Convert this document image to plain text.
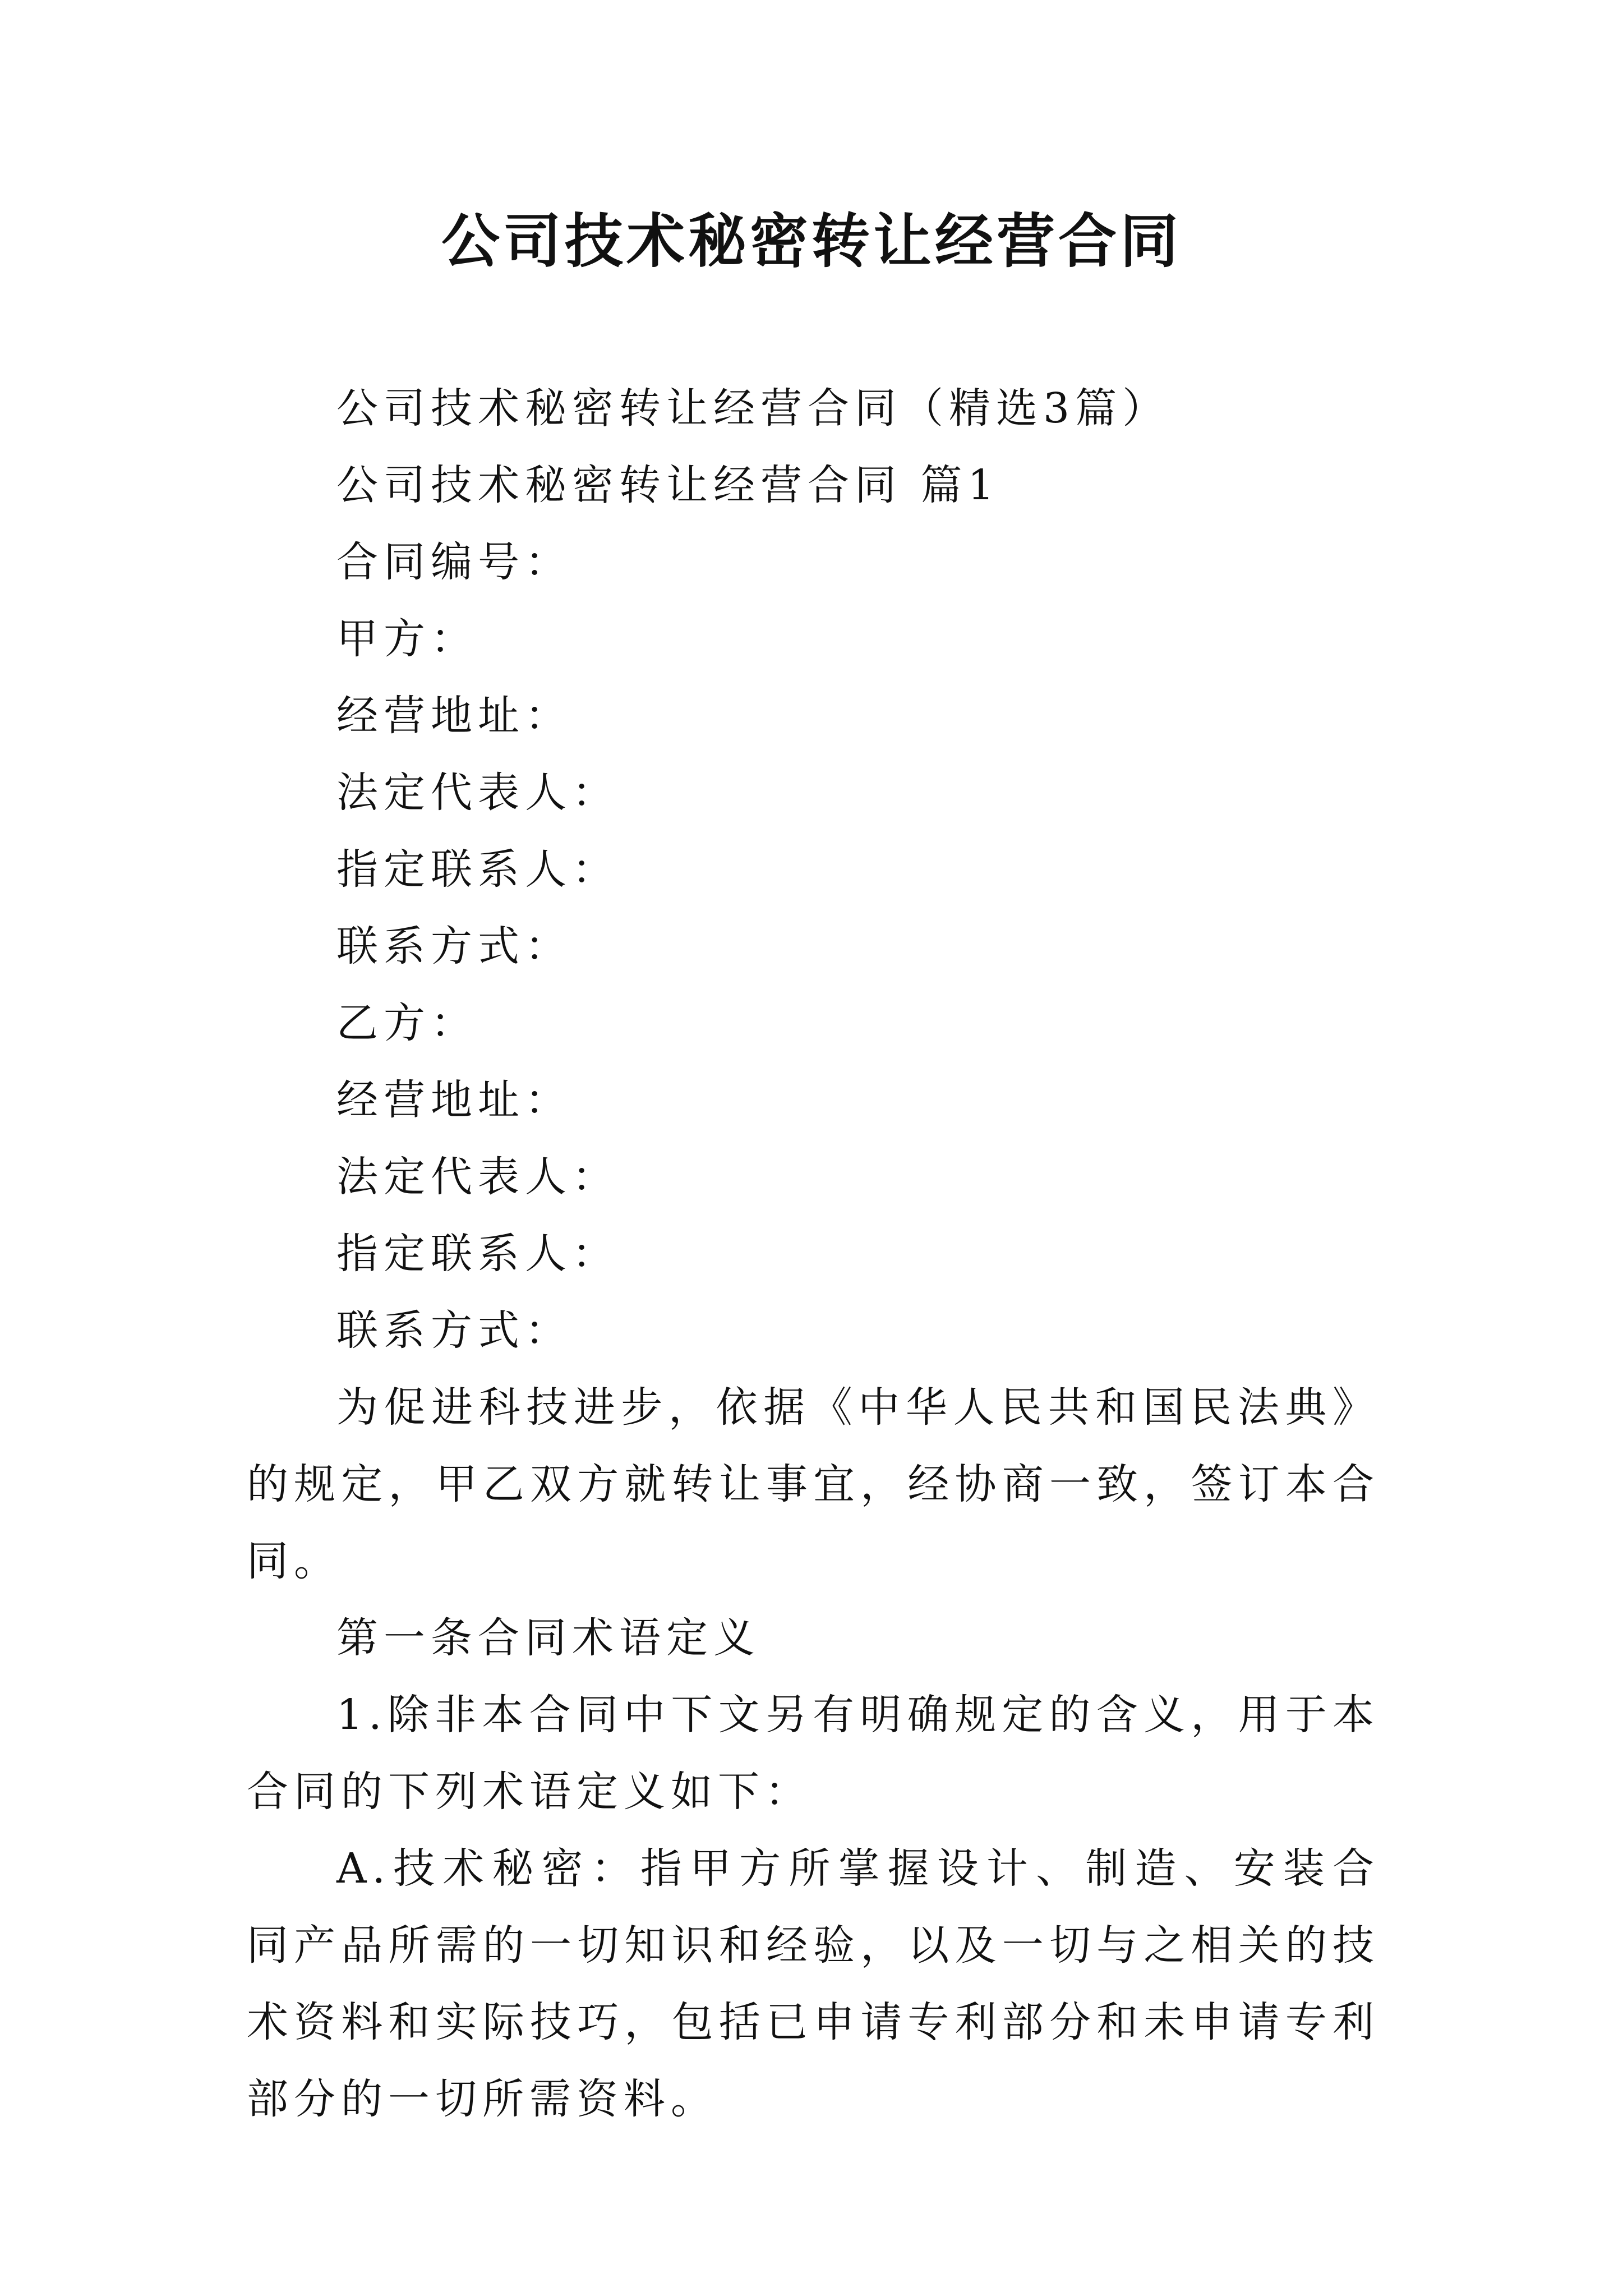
公司技术秘密转让经营合同

公司技术秘密转让经营合同（精选3篇）

公司技术秘密转让经营合同 篇1

合同编号：

甲方：

经营地址：

法定代表人：

指定联系人：

联系方式：

乙方：

经营地址：

法定代表人：

指定联系人：

联系方式：

为促进科技进步，依据《中华人民共和国民法典》的规定，甲乙双方就转让事宜，经协商一致，签订本合同。

第一条合同术语定义

1.除非本合同中下文另有明确规定的含义，用于本合同的下列术语定义如下：

A.技术秘密：指甲方所掌握设计、制造、安装合同产品所需的一切知识和经验，以及一切与之相关的技术资料和实际技巧，包括已申请专利部分和未申请专利部分的一切所需资料。
